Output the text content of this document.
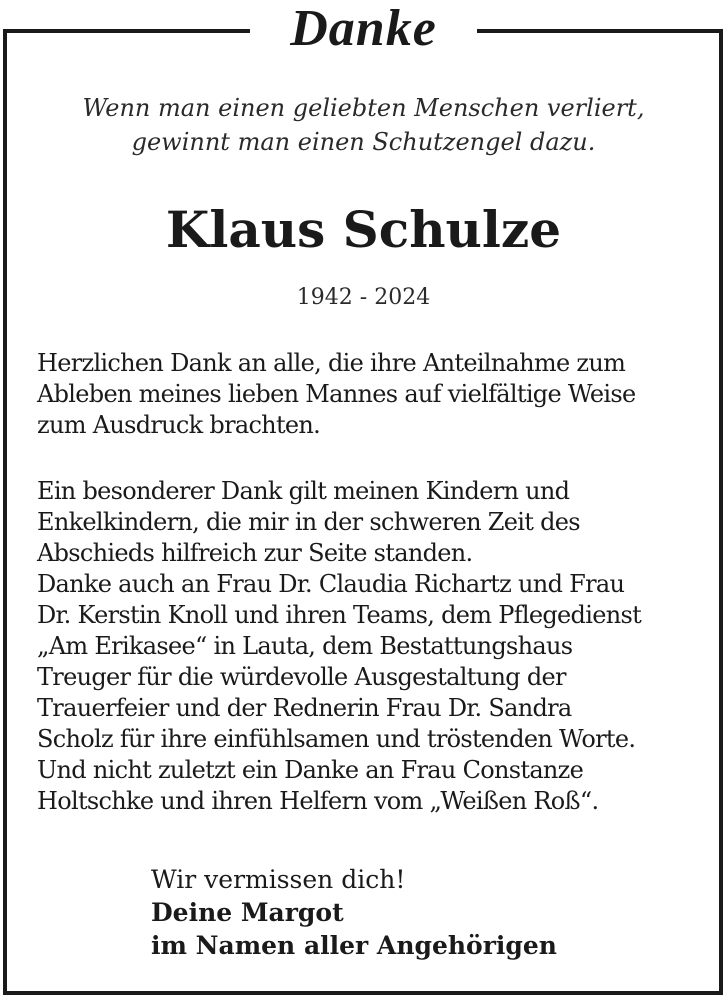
Danke
Wenn man einen geliebten Menschen verliert,
gewinnt man einen Schutzengel dazu.
Klaus Schulze
1942 - 2024
Herzlichen Dank an alle, die ihre Anteilnahme zum
Ableben meines lieben Mannes auf vielfältige Weise
zum Ausdruck brachten.
Ein besonderer Dank gilt meinen Kindern und
Enkelkindern, die mir in der schweren Zeit des
Abschieds hilfreich zur Seite standen.
Danke auch an Frau Dr. Claudia Richartz und Frau
Dr. Kerstin Knoll und ihren Teams, dem Pflegedienst
„Am Erikasee“ in Lauta, dem Bestattungshaus
Treuger für die würdevolle Ausgestaltung der
Trauerfeier und der Rednerin Frau Dr. Sandra
Scholz für ihre einfühlsamen und tröstenden Worte.
Und nicht zuletzt ein Danke an Frau Constanze
Holtschke und ihren Helfern vom „Weißen Roß“.
Wir vermissen dich!
Deine Margot
im Namen aller Angehörigen
